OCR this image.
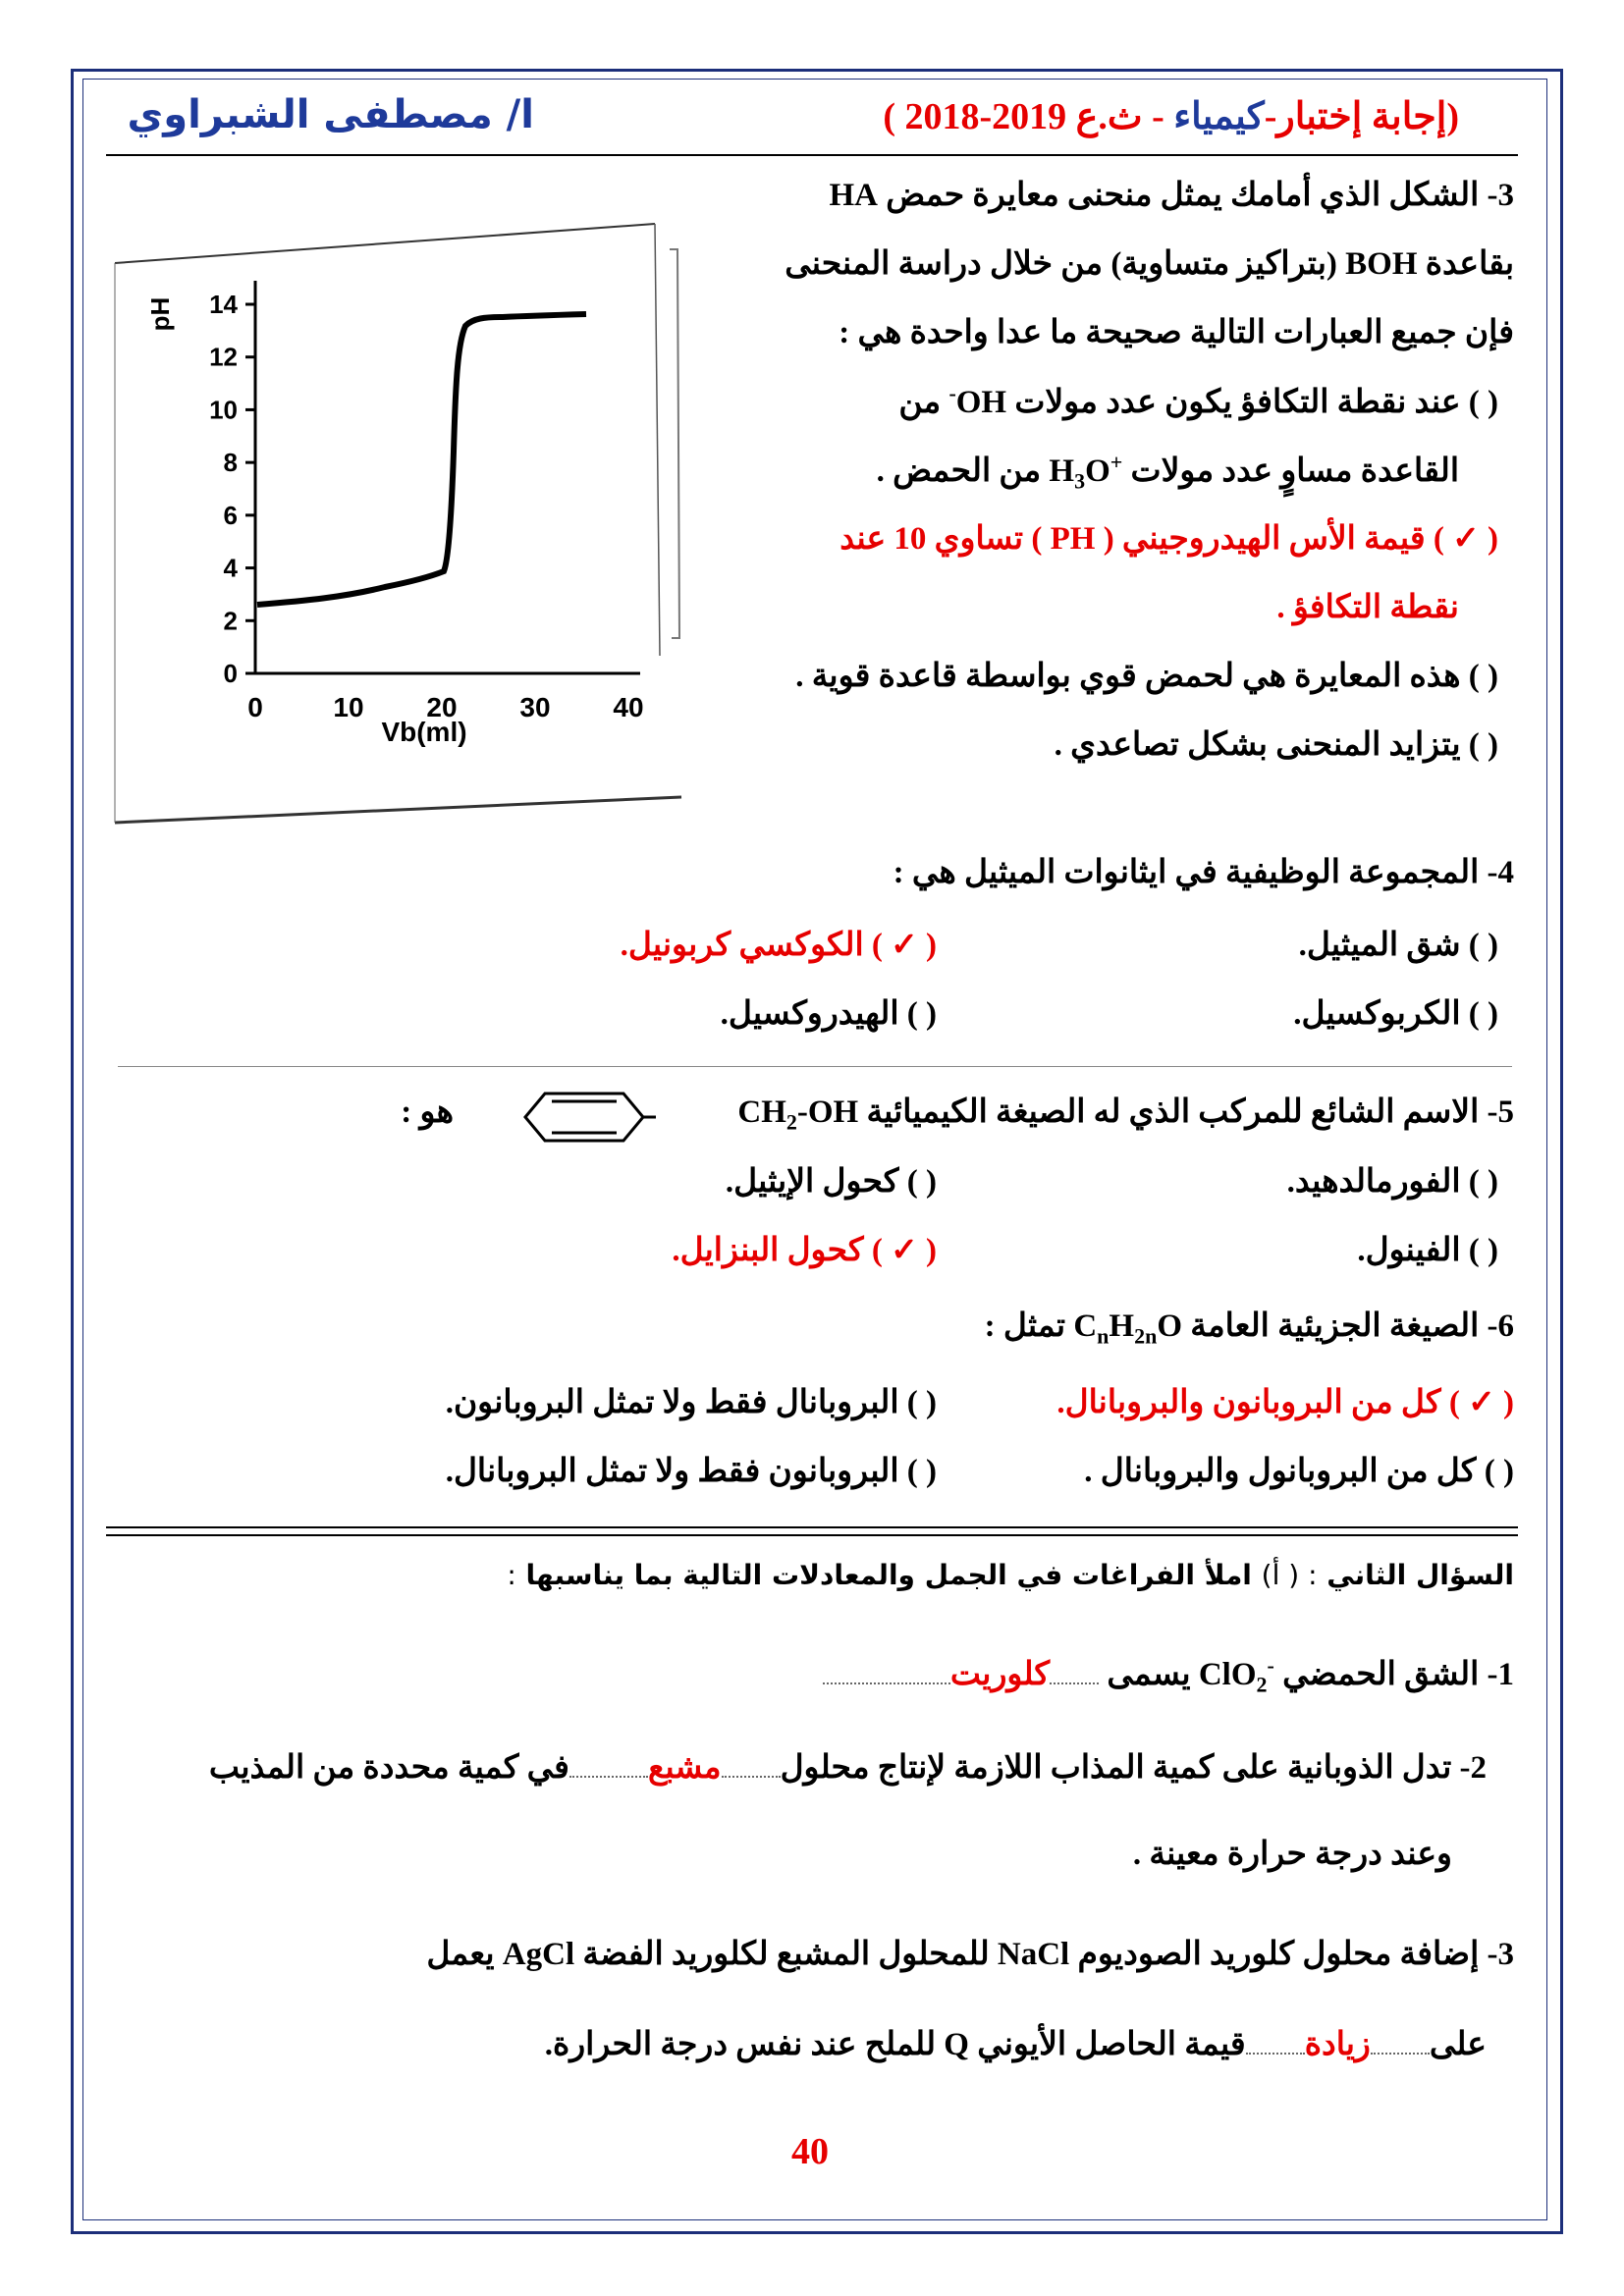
ا/ مصطفى الشبراوي	(إجابة إختبار-كيمياء - ث.ع 2019-2018 )
3- الشكل الذي أمامك يمثل منحنى معايرة حمض HA
بقاعدة BOH (بتراكيز متساوية) من خلال دراسة المنحنى
فإن جميع العبارات التالية صحيحة ما عدا واحدة هي :
( ) عند نقطة التكافؤ يكون عدد مولات -OH من
القاعدة مساوٍ عدد مولات $H_3O^+$ من الحمض .
( ✓ ) قيمة الأس الهيدروجيني ( PH ) تساوي 10 عند
نقطة التكافؤ .
( ) هذه المعايرة هي لحمض قوي بواسطة قاعدة قوية .
( ) يتزايد المنحنى بشكل تصاعدي .
14
12
10
8
6
4
2
0
0	10 20 30 40
pH
Vb(ml)
4- المجموعة الوظيفية في ايثانوات الميثيل هي :
( ) شق الميثيل.
( ✓ ) الكوكسي كربونيل.
( ) الكربوكسيل.
( ) الهيدروكسيل.
5- الاسم الشائع للمركب الذي له الصيغة الكيميائية $CH_2-OH$
هو :
( ) الفورمالدهيد.
( ) كحول الإيثيل.
( ) الفينول.
( ✓ ) كحول البنزايل.
6- الصيغة الجزيئية العامة $C_nH_{2n}O$ تمثل :
( ✓ ) كل من البروبانون والبروبانال.
( ) البروبانال فقط ولا تمثل البروبانون.
( ) كل من البروبانول والبروبانال .
( ) البروبانون فقط ولا تمثل البروبانال.
السؤال الثاني : ( أ) املأ الفراغات في الجمل والمعادلات التالية بما يناسبها :
1- الشق الحمضي ClO$_2$- يسمى كلوريت
2- تدل الذوبانية على كمية المذاب اللازمة لإنتاج محلولمشبعفي كمية محددة من المذيب
وعند درجة حرارة معينة .
3- إضافة محلول كلوريد الصوديوم NaCl للمحلول المشبع لكلوريد الفضة AgCl يعمل
علىزيادةقيمة الحاصل الأيوني Q للملح عند نفس درجة الحرارة.
40
